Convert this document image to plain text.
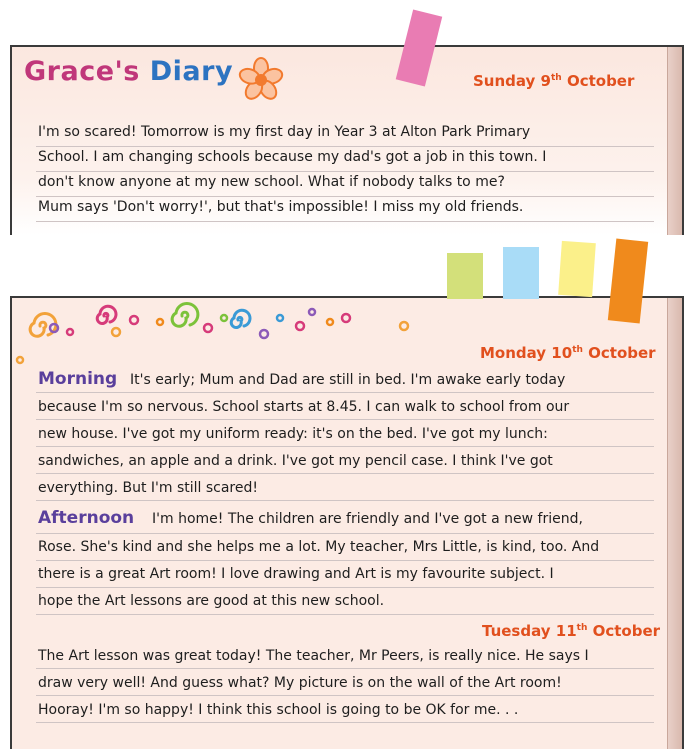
Grace's Diary	Sunday 9th October
I'm so scared! Tomorrow is my first day in Year 3 at Alton Park Primary
School. I am changing schools because my dad's got a job in this town. I
don't know anyone at my new school. What if nobody talks to me?
Mum says 'Don't worry!', but that's impossible! I miss my old friends.
Monday 10th October
Morning It's early; Mum and Dad are still in bed. I'm awake early today
because I'm so nervous. School starts at 8.45. I can walk to school from our
new house. I've got my uniform ready: it's on the bed. I've got my lunch:
sandwiches, an apple and a drink. I've got my pencil case. I think I've got
everything. But I'm still scared!
Afternoon I'm home! The children are friendly and I've got a new friend,
Rose. She's kind and she helps me a lot. My teacher, Mrs Little, is kind, too. And
there is a great Art room! I love drawing and Art is my favourite subject. I
hope the Art lessons are good at this new school.
Tuesday 11th October
The Art lesson was great today! The teacher, Mr Peers, is really nice. He says I
draw very well! And guess what? My picture is on the wall of the Art room!
Hooray! I'm so happy! I think this school is going to be OK for me. . .
